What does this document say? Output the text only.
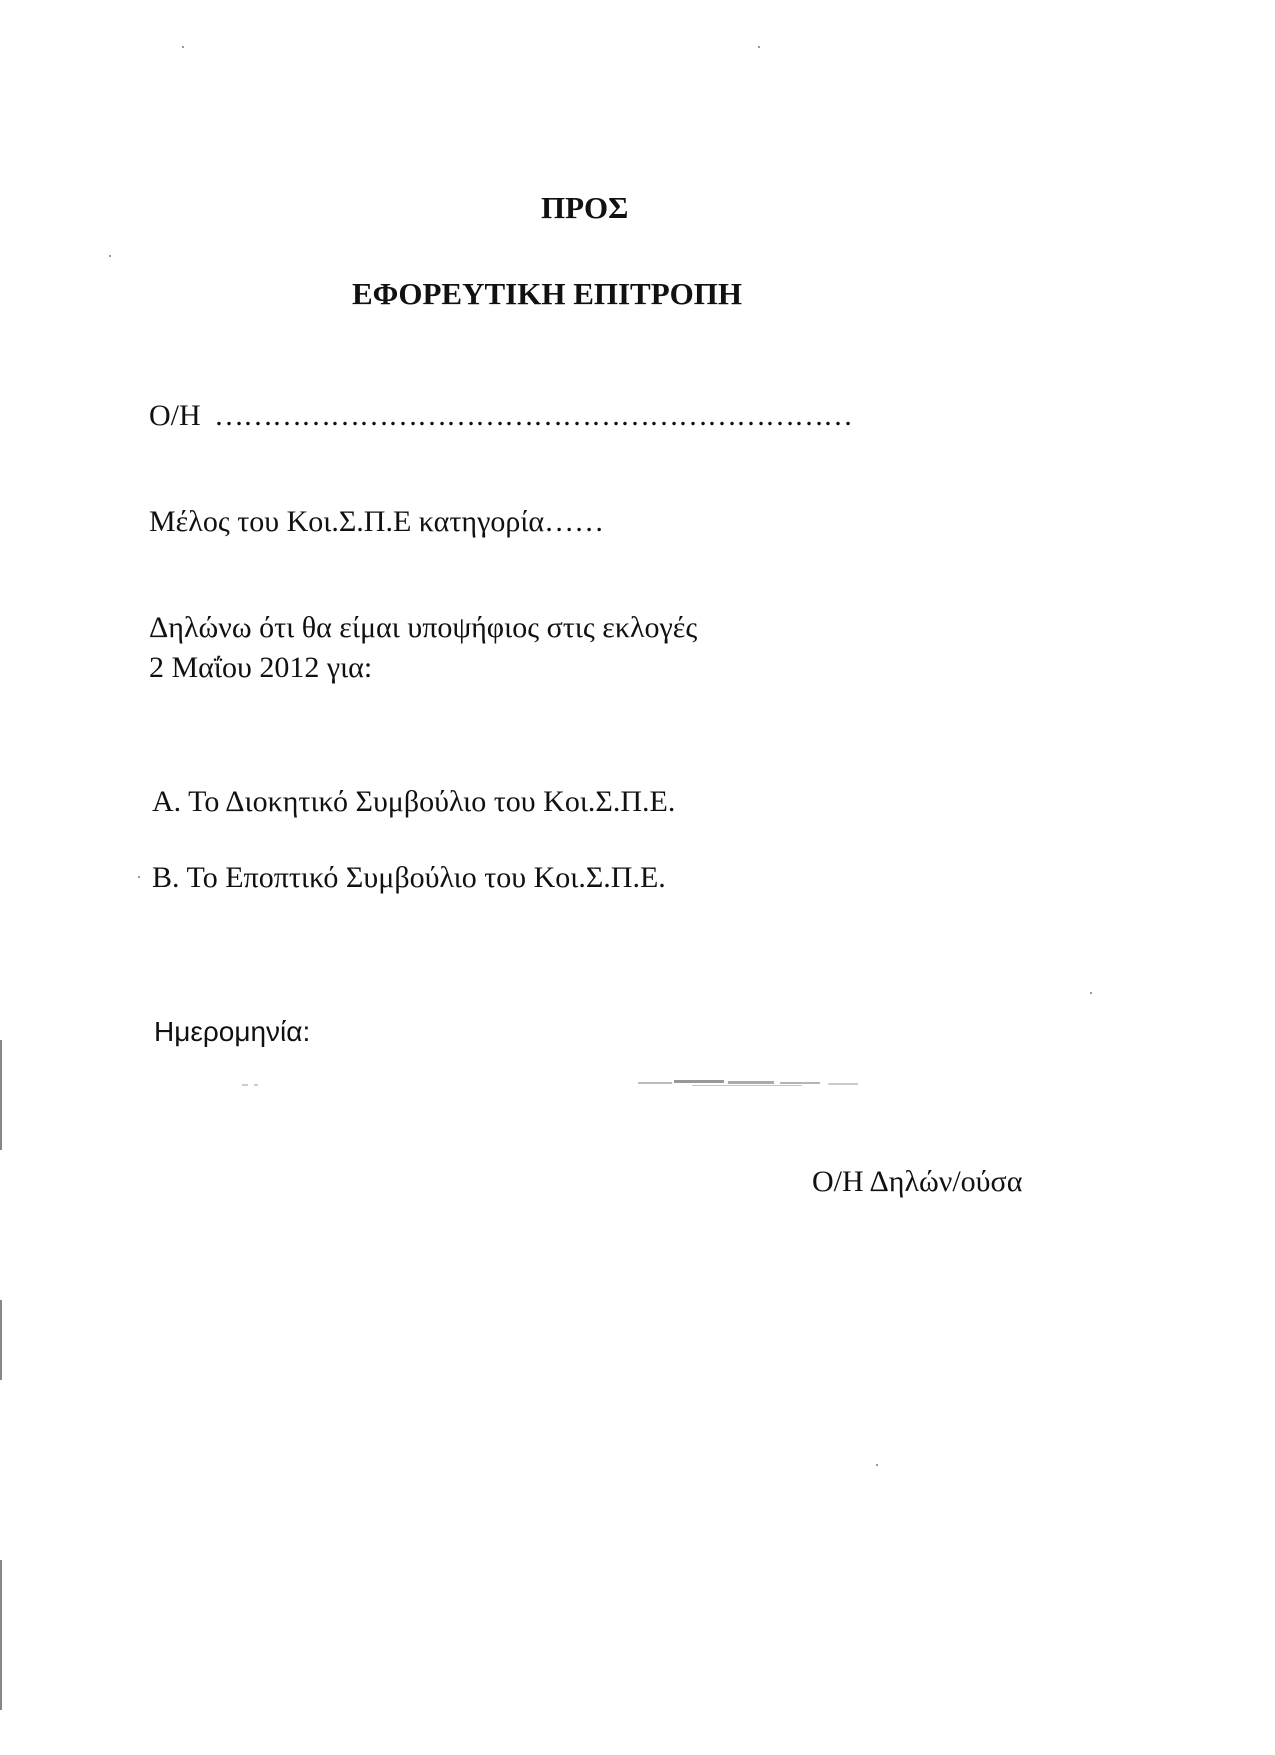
ΠΡΟΣ
ΕΦΟΡΕΥΤΙΚΗ ΕΠΙΤΡΟΠΗ
Ο/Η …………………………………………………………
Μέλος του Κοι.Σ.Π.Ε κατηγορία……
Δηλώνω ότι θα είμαι υποψήφιος στις εκλογές
2 Μαΐου 2012 για:
Α. Το Διοκητικό Συμβούλιο του Κοι.Σ.Π.Ε.
Β. Το Εποπτικό Συμβούλιο του Κοι.Σ.Π.Ε.
Ημερομηνία:
Ο/Η Δηλών/ούσα
